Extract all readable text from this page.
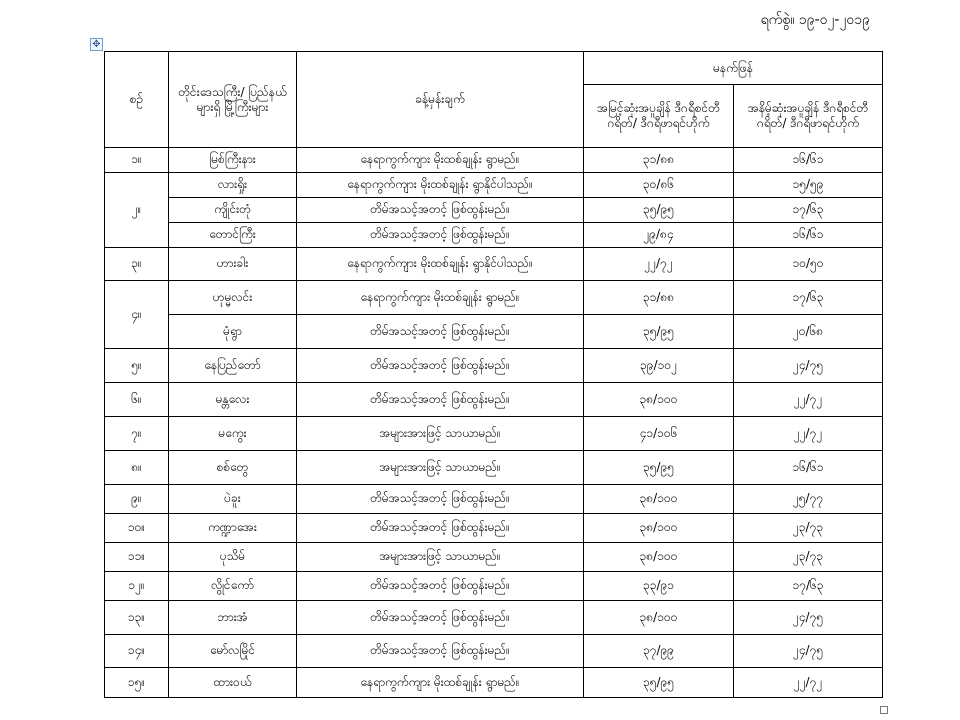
ရက်စွဲ။ ၁၉-၀၂-၂၀၁၉
✥
စဉ်	တိုင်းဒေသကြီး/ ပြည်နယ်များရှိ မြို့ကြီးများ	ခန့်မှန်းချက်	မနက်ဖြန်	
			အမြင့်ဆုံးအပူချိန် ဒီဂရီစင်တီဂရိတ်/ ဒီဂရီဖာရင်ဟိုက်	အနိမ့်ဆုံးအပူချိန် ဒီဂရီစင်တီဂရိတ်/ ဒီဂရီဖာရင်ဟိုက်
၁။	မြစ်ကြီးနား	နေရာကွက်ကျား မိုးထစ်ချုန်း ရွာမည်။	၃၁/၈၈	၁၆/၆၁
၂။	လားရှိုး	နေရာကွက်ကျား မိုးထစ်ချုန်း ရွာနိုင်ပါသည်။	၃၀/၈၆	၁၅/၅၉
	ကျိုင်းတုံ	တိမ်အသင့်အတင့် ဖြစ်ထွန်းမည်။	၃၅/၉၅	၁၇/၆၃
	တောင်ကြီး	တိမ်အသင့်အတင့် ဖြစ်ထွန်းမည်။	၂၉/၈၄	၁၆/၆၁
၃။	ဟားခါး	နေရာကွက်ကျား မိုးထစ်ချုန်း ရွာနိုင်ပါသည်။	၂၂/၇၂	၁၀/၅၀
၄။	ဟုမ္မလင်း	နေရာကွက်ကျား မိုးထစ်ချုန်း ရွာမည်။	၃၁/၈၈	၁၇/၆၃
	မုံရွာ	တိမ်အသင့်အတင့် ဖြစ်ထွန်းမည်။	၃၅/၉၅	၂၀/၆၈
၅။	နေပြည်တော်	တိမ်အသင့်အတင့် ဖြစ်ထွန်းမည်။	၃၉/၁၀၂	၂၄/၇၅
၆။	မန္တလေး	တိမ်အသင့်အတင့် ဖြစ်ထွန်းမည်။	၃၈/၁၀၀	၂၂/၇၂
၇။	မကွေး	အများအားဖြင့် သာယာမည်။	၄၁/၁၀၆	၂၂/၇၂
၈။	စစ်တွေ	အများအားဖြင့် သာယာမည်။	၃၅/၉၅	၁၆/၆၁
၉။	ပဲခူး	တိမ်အသင့်အတင့် ဖြစ်ထွန်းမည်။	၃၈/၁၀၀	၂၅/၇၇
၁၀။	ကဏ္ဍာအေး	တိမ်အသင့်အတင့် ဖြစ်ထွန်းမည်။	၃၈/၁၀၀	၂၃/၇၃
၁၁။	ပုသိမ်	အများအားဖြင့် သာယာမည်။	၃၈/၁၀၀	၂၃/၇၃
၁၂။	လွိုင်ကော်	တိမ်အသင့်အတင့် ဖြစ်ထွန်းမည်။	၃၃/၉၁	၁၇/၆၃
၁၃။	ဘားအံ	တိမ်အသင့်အတင့် ဖြစ်ထွန်းမည်။	၃၈/၁၀၀	၂၄/၇၅
၁၄။	မော်လမြိုင်	တိမ်အသင့်အတင့် ဖြစ်ထွန်းမည်။	၃၇/၉၉	၂၄/၇၅
၁၅။	ထားဝယ်	နေရာကွက်ကျား မိုးထစ်ချုန်း ရွာမည်။	၃၅/၉၅	၂၂/၇၂
